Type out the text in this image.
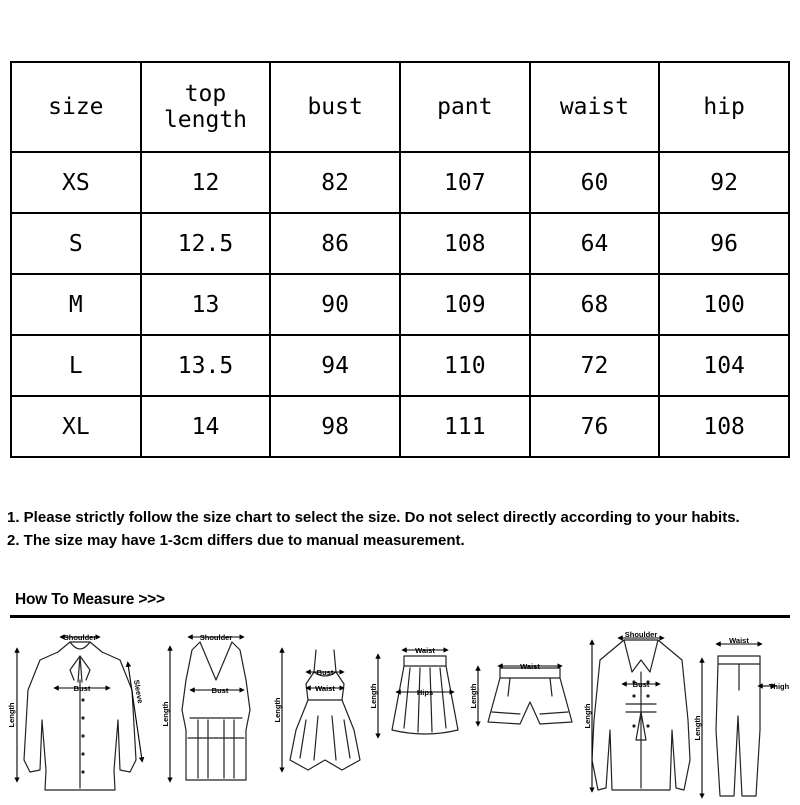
size	top length	bust	pant	waist	hip
XS	12	82	107	60	92
S	12.5	86	108	64	96
M	13	90	109	68	100
L	13.5	94	110	72	104
XL	14	98	111	76	108

1. Please strictly follow the size chart to select the size. Do not select directly according to your habits.

2. The size may have 1-3cm differs due to manual measurement.

How To Measure >>>
Shoulder
Length
Bust	Sleeve
Shoulder
Length
Bust
Bust
Waist
Length
Waist
Length	Hips
Waist
Length
Shoulder
Length
Bust
Waist
Length
Thigh
